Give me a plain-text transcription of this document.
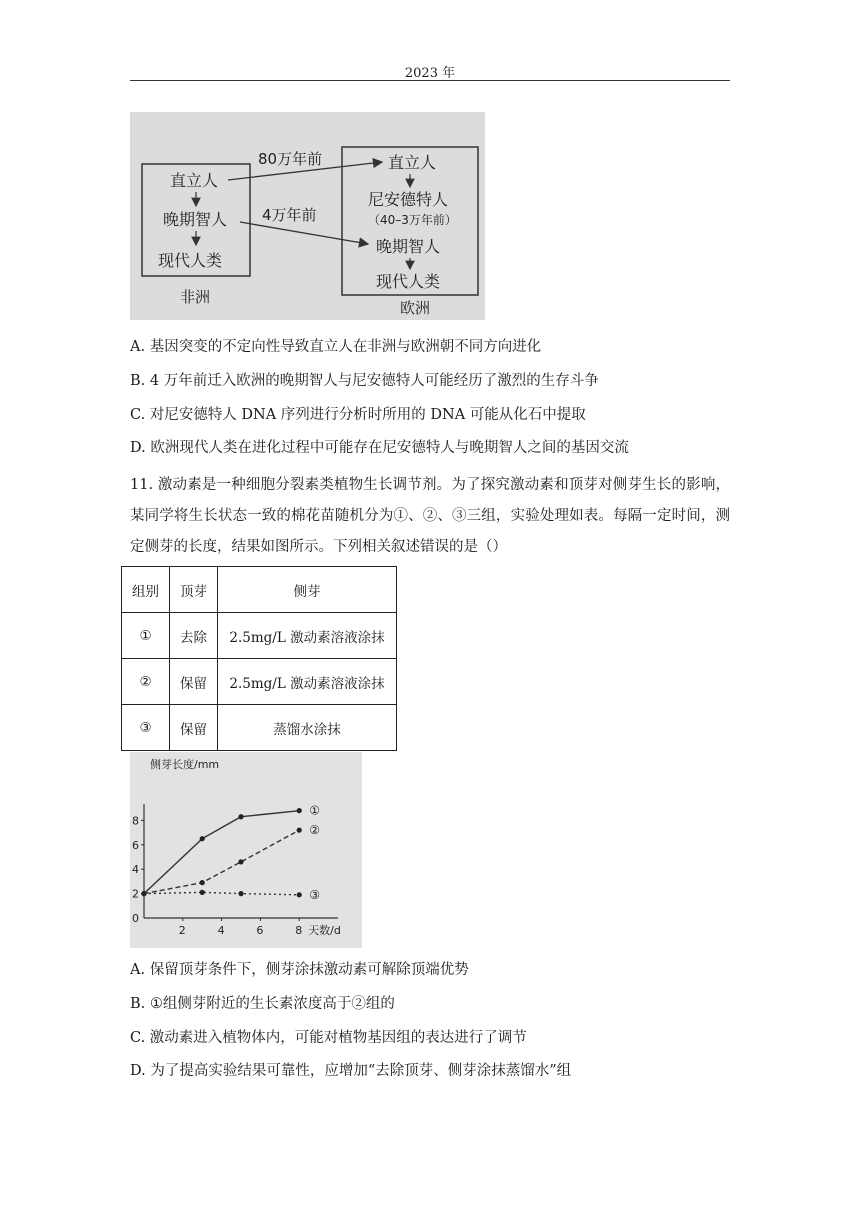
2023 年
直立人
晚期智人
现代人类
非洲
80万年前
4万年前
直立人
尼安德特人
（40–3万年前）
晚期智人
现代人类
欧洲

A. 基因突变的不定向性导致直立人在非洲与欧洲朝不同方向进化

B. 4 万年前迁入欧洲的晚期智人与尼安德特人可能经历了激烈的生存斗争

C. 对尼安德特人 DNA 序列进行分析时所用的 DNA 可能从化石中提取

D. 欧洲现代人类在进化过程中可能存在尼安德特人与晚期智人之间的基因交流

11. 激动素是一种细胞分裂素类植物生长调节剂。为了探究激动素和顶芽对侧芽生长的影响，某同学将生长状态一致的棉花苗随机分为①、②、③三组，实验处理如表。每隔一定时间，测定侧芽的长度，结果如图所示。下列相关叙述错误的是（）

组别	顶芽	侧芽
①	去除	2.5mg/L 激动素溶液涂抹
②	保留	2.5mg/L 激动素溶液涂抹
③	保留	蒸馏水涂抹
0
2
4
6
8
2	4	6	8
侧芽长度/mm
天数/d
①
②
③

A. 保留顶芽条件下，侧芽涂抹激动素可解除顶端优势

B. ①组侧芽附近的生长素浓度高于②组的

C. 激动素进入植物体内，可能对植物基因组的表达进行了调节

D. 为了提高实验结果可靠性，应增加“去除顶芽、侧芽涂抹蒸馏水”组
